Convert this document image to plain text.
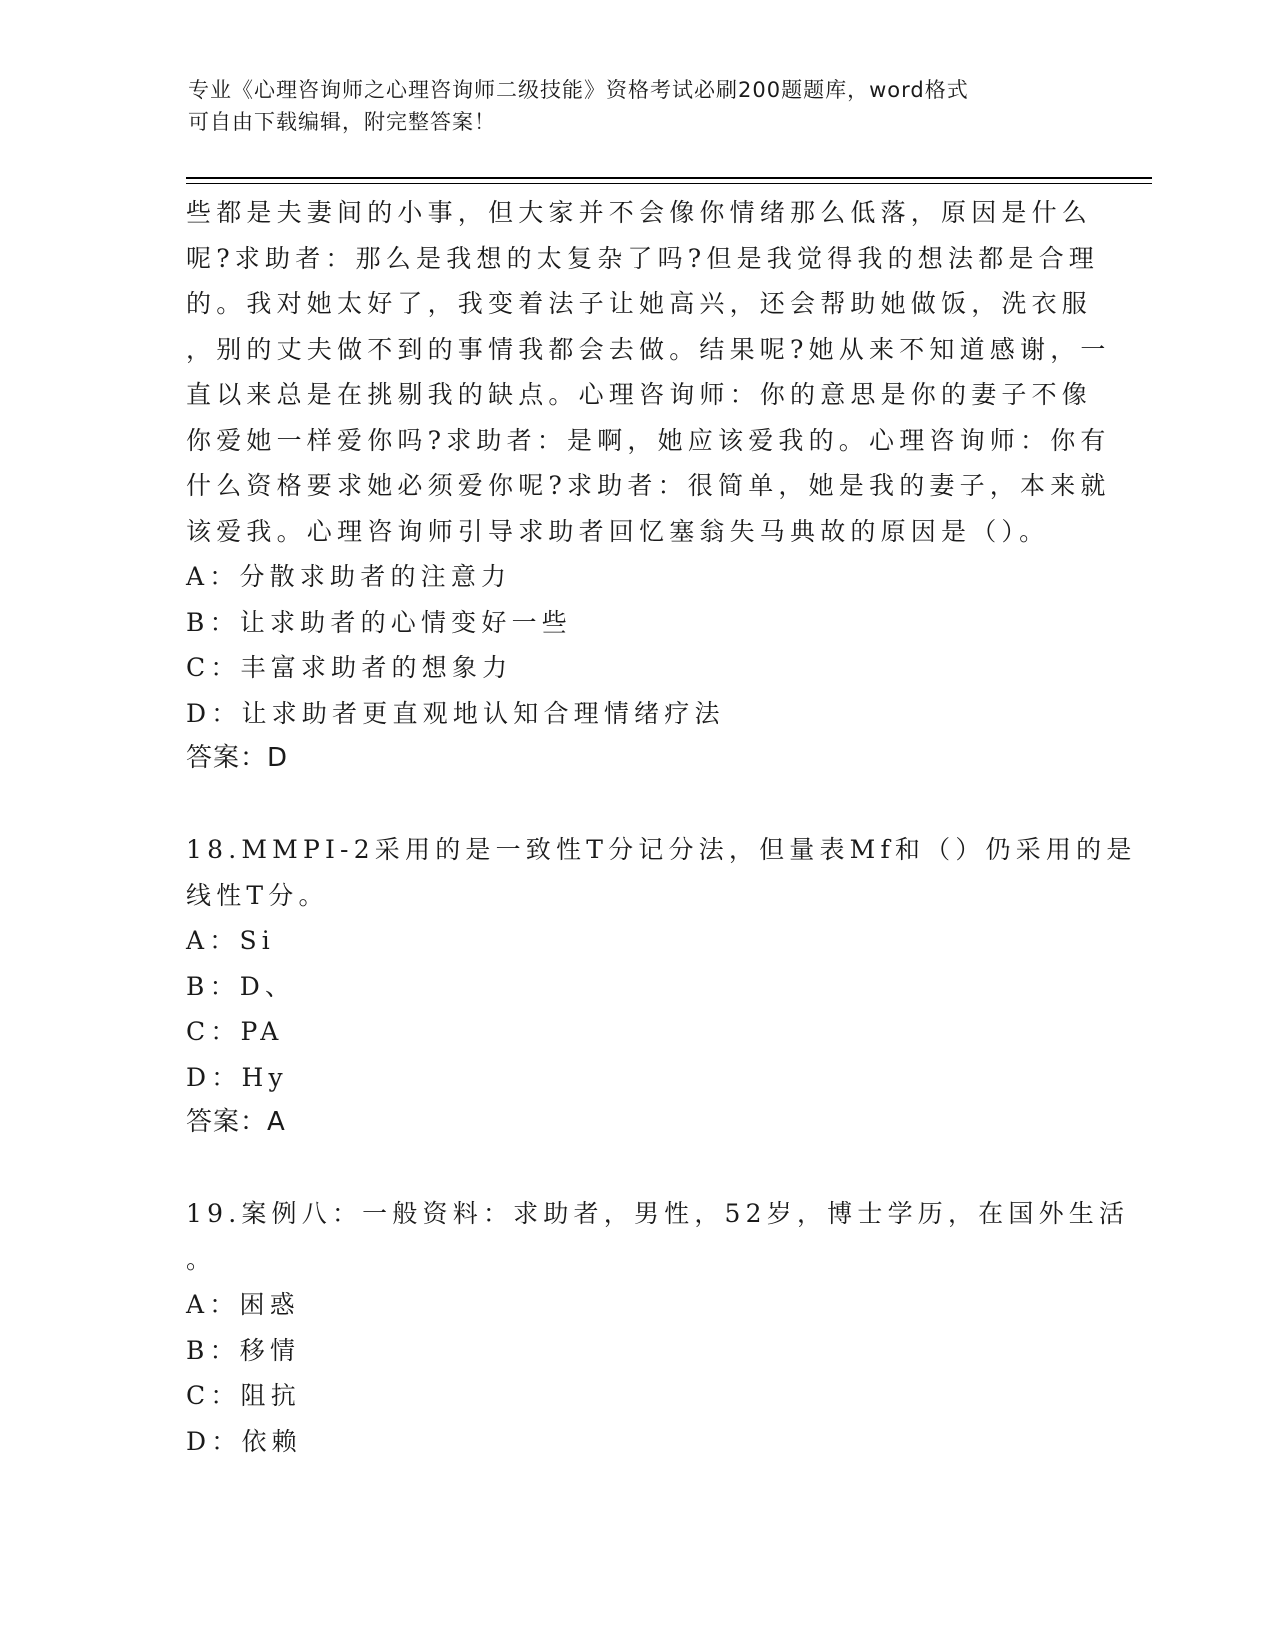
专业《心理咨询师之心理咨询师二级技能》资格考试必刷200题题库，word格式
可自由下载编辑，附完整答案！
些都是夫妻间的小事，但大家并不会像你情绪那么低落，原因是什么
呢?求助者：那么是我想的太复杂了吗?但是我觉得我的想法都是合理
的。我对她太好了，我变着法子让她高兴，还会帮助她做饭，洗衣服
，别的丈夫做不到的事情我都会去做。结果呢?她从来不知道感谢，一
直以来总是在挑剔我的缺点。心理咨询师：你的意思是你的妻子不像
你爱她一样爱你吗?求助者：是啊，她应该爱我的。心理咨询师：你有
什么资格要求她必须爱你呢?求助者：很简单，她是我的妻子，本来就
该爱我。心理咨询师引导求助者回忆塞翁失马典故的原因是（）。
A：分散求助者的注意力
B：让求助者的心情变好一些
C：丰富求助者的想象力
D：让求助者更直观地认知合理情绪疗法
答案：D
18.MMPI-2采用的是一致性T分记分法，但量表Mf和（）仍采用的是
线性T分。
A：Si
B：D、
C：PA
D：Hy
答案：A
19.案例八：一般资料：求助者，男性，52岁，博士学历，在国外生活
。
A：困惑
B：移情
C：阻抗
D：依赖
